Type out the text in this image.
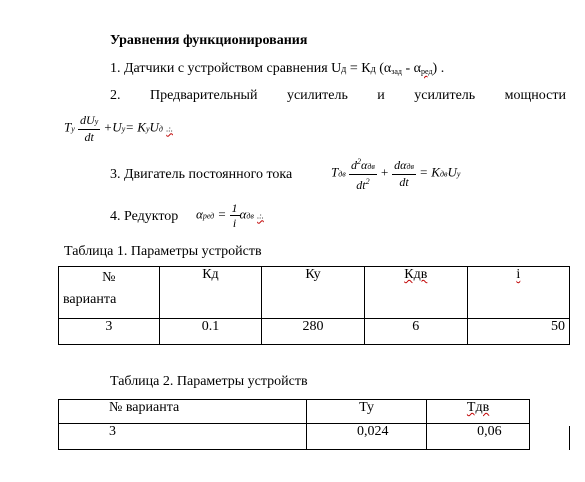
Уравнения функционирования
1. Датчики с устройством сравнения Uд = Кд (αзад - αред) .
2. Предварительный усилитель и усилитель мощности
Tу $\frac{\text{dUу}}{dt} +Uу=$ KуUд .:.
3. Двигатель постоянного тока	Tдв $\frac{d^2\alpha дв}{dt^2} + \frac{\text{dαдв}}{dt}$ = KдвUу
4. Редуктор $\alpha ред = \frac{1}{i}$ αдв .:.
Таблица 1. Параметры устройств
№
варианта	Кд	Ку	Кдв	i
3	0.1	280	6	50
Таблица 2. Параметры устройств
№ варианта	Ту	Тдв
3	0,024	0,06
